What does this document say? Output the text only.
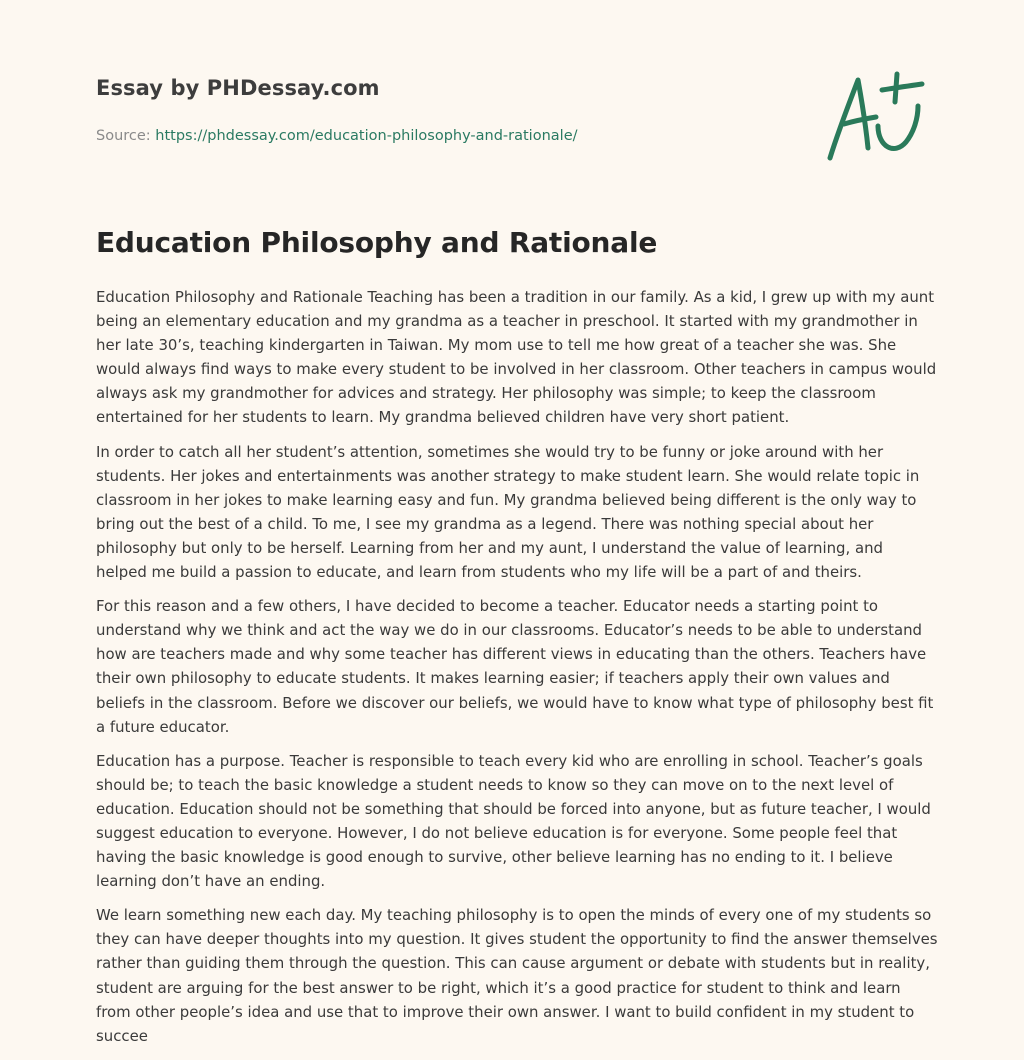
Essay by PHDessay.com
Source: https://phdessay.com/education-philosophy-and-rationale/
Education Philosophy and Rationale

Education Philosophy and Rationale Teaching has been a tradition in our family. As a kid, I grew up with my aunt being an elementary education and my grandma as a teacher in preschool. It started with my grandmother in her late 30’s, teaching kindergarten in Taiwan. My mom use to tell me how great of a teacher she was. She would always find ways to make every student to be involved in her classroom. Other teachers in campus would always ask my grandmother for advices and strategy. Her philosophy was simple; to keep the classroom entertained for her students to learn. My grandma believed children have very short patient.

In order to catch all her student’s attention, sometimes she would try to be funny or joke around with her students. Her jokes and entertainments was another strategy to make student learn. She would relate topic in classroom in her jokes to make learning easy and fun. My grandma believed being different is the only way to bring out the best of a child. To me, I see my grandma as a legend. There was nothing special about her philosophy but only to be herself. Learning from her and my aunt, I understand the value of learning, and helped me build a passion to educate, and learn from students who my life will be a part of and theirs.

For this reason and a few others, I have decided to become a teacher. Educator needs a starting point to understand why we think and act the way we do in our classrooms. Educator’s needs to be able to understand how are teachers made and why some teacher has different views in educating than the others. Teachers have their own philosophy to educate students. It makes learning easier; if teachers apply their own values and beliefs in the classroom. Before we discover our beliefs, we would have to know what type of philosophy best fit a future educator.

Education has a purpose. Teacher is responsible to teach every kid who are enrolling in school. Teacher’s goals should be; to teach the basic knowledge a student needs to know so they can move on to the next level of education. Education should not be something that should be forced into anyone, but as future teacher, I would suggest education to everyone. However, I do not believe education is for everyone. Some people feel that having the basic knowledge is good enough to survive, other believe learning has no ending to it. I believe learning don’t have an ending.

We learn something new each day. My teaching philosophy is to open the minds of every one of my students so they can have deeper thoughts into my question. It gives student the opportunity to find the answer themselves rather than guiding them through the question. This can cause argument or debate with students but in reality, student are arguing for the best answer to be right, which it’s a good practice for student to think and learn from other people’s idea and use that to improve their own answer. I want to build confident in my student to succee
